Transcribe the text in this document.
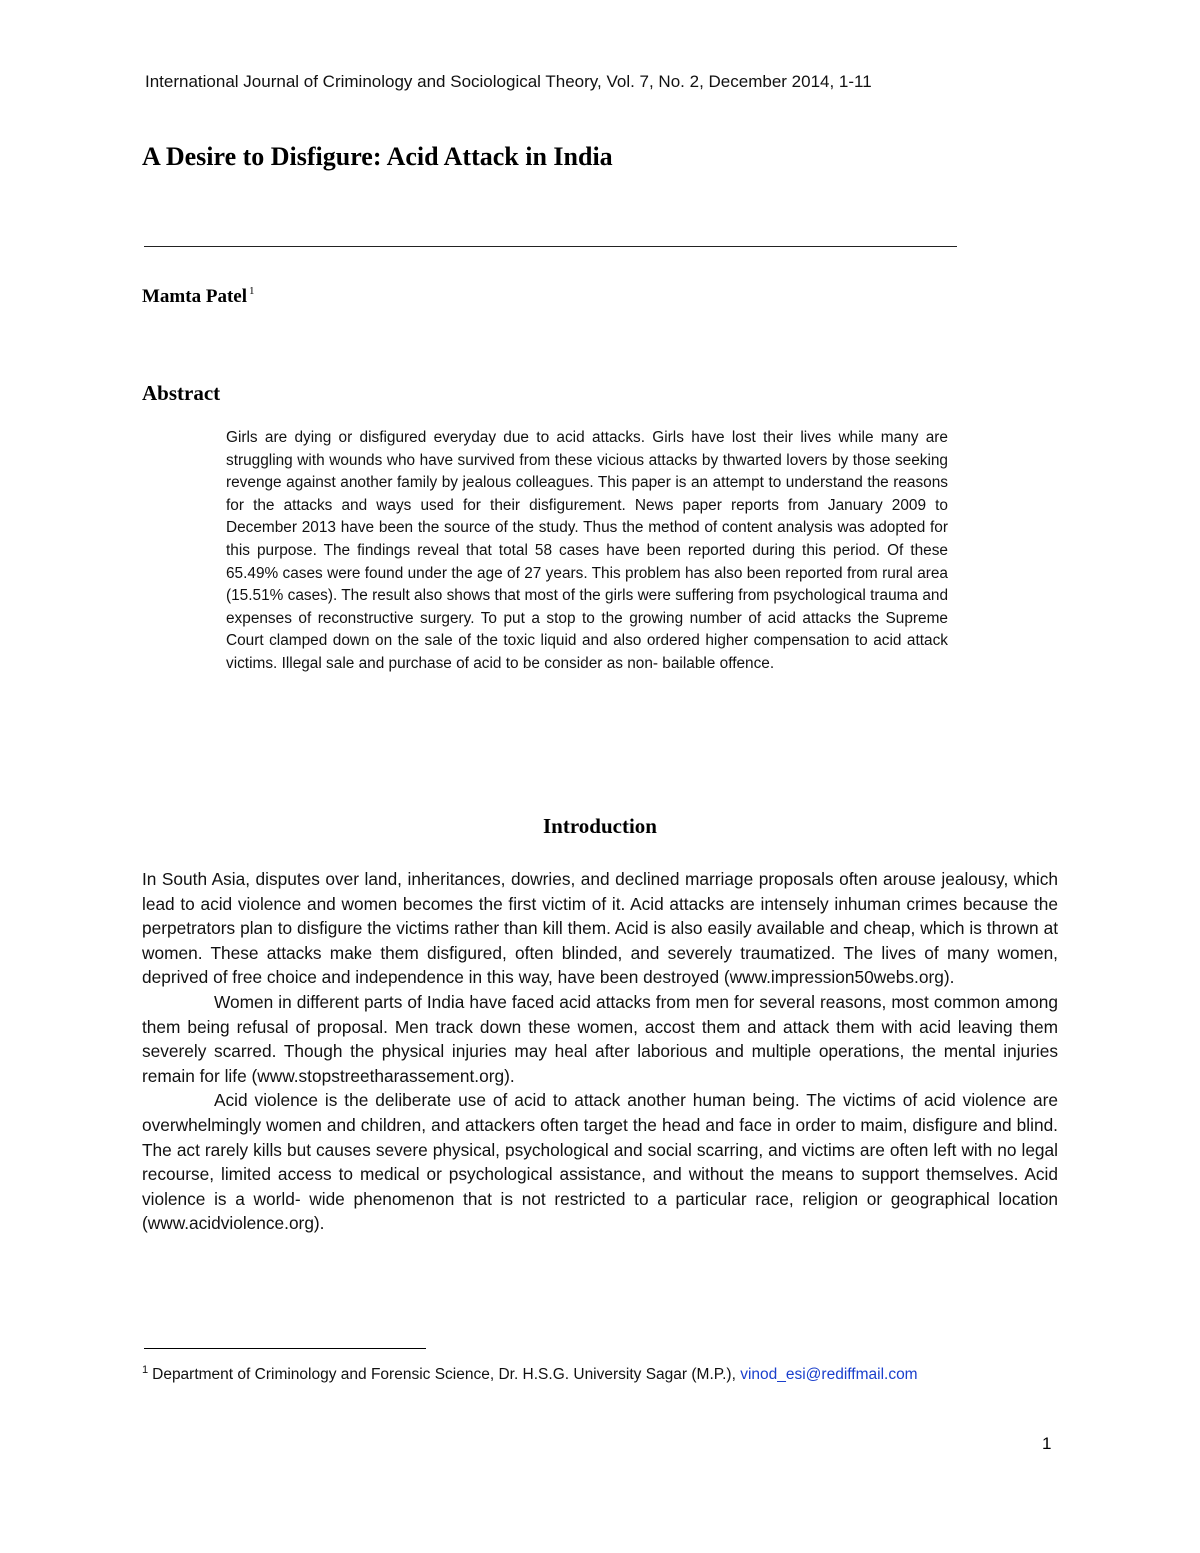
International Journal of Criminology and Sociological Theory, Vol. 7, No. 2, December 2014, 1-11
A Desire to Disfigure: Acid Attack in India
Mamta Patel $^1$
Abstract
Girls are dying or disfigured everyday due to acid attacks. Girls have lost their lives while many are struggling with wounds who have survived from these vicious attacks by thwarted lovers by those seeking revenge against another family by jealous colleagues. This paper is an attempt to understand the reasons for the attacks and ways used for their disfigurement. News paper reports from January 2009 to December 2013 have been the source of the study. Thus the method of content analysis was adopted for this purpose. The findings reveal that total 58 cases have been reported during this period. Of these 65.49% cases were found under the age of 27 years. This problem has also been reported from rural area (15.51% cases). The result also shows that most of the girls were suffering from psychological trauma and expenses of reconstructive surgery. To put a stop to the growing number of acid attacks the Supreme Court clamped down on the sale of the toxic liquid and also ordered higher compensation to acid attack victims. Illegal sale and purchase of acid to be consider as non- bailable offence.
Introduction

In South Asia, disputes over land, inheritances, dowries, and declined marriage proposals often arouse jealousy, which lead to acid violence and women becomes the first victim of it. Acid attacks are intensely inhuman crimes because the perpetrators plan to disfigure the victims rather than kill them. Acid is also easily available and cheap, which is thrown at women. These attacks make them disfigured, often blinded, and severely traumatized. The lives of many women, deprived of free choice and independence in this way, have been destroyed (www.impression50webs.org).

Women in different parts of India have faced acid attacks from men for several reasons, most common among them being refusal of proposal. Men track down these women, accost them and attack them with acid leaving them severely scarred. Though the physical injuries may heal after laborious and multiple operations, the mental injuries remain for life (www.stopstreetharassement.org).

Acid violence is the deliberate use of acid to attack another human being. The victims of acid violence are overwhelmingly women and children, and attackers often target the head and face in order to maim, disfigure and blind. The act rarely kills but causes severe physical, psychological and social scarring, and victims are often left with no legal recourse, limited access to medical or psychological assistance, and without the means to support themselves. Acid violence is a world- wide phenomenon that is not restricted to a particular race, religion or geographical location (www.acidviolence.org).

$^1$ Department of Criminology and Forensic Science, Dr. H.S.G. University Sagar (M.P.), vinod_esi@rediffmail.com
1
